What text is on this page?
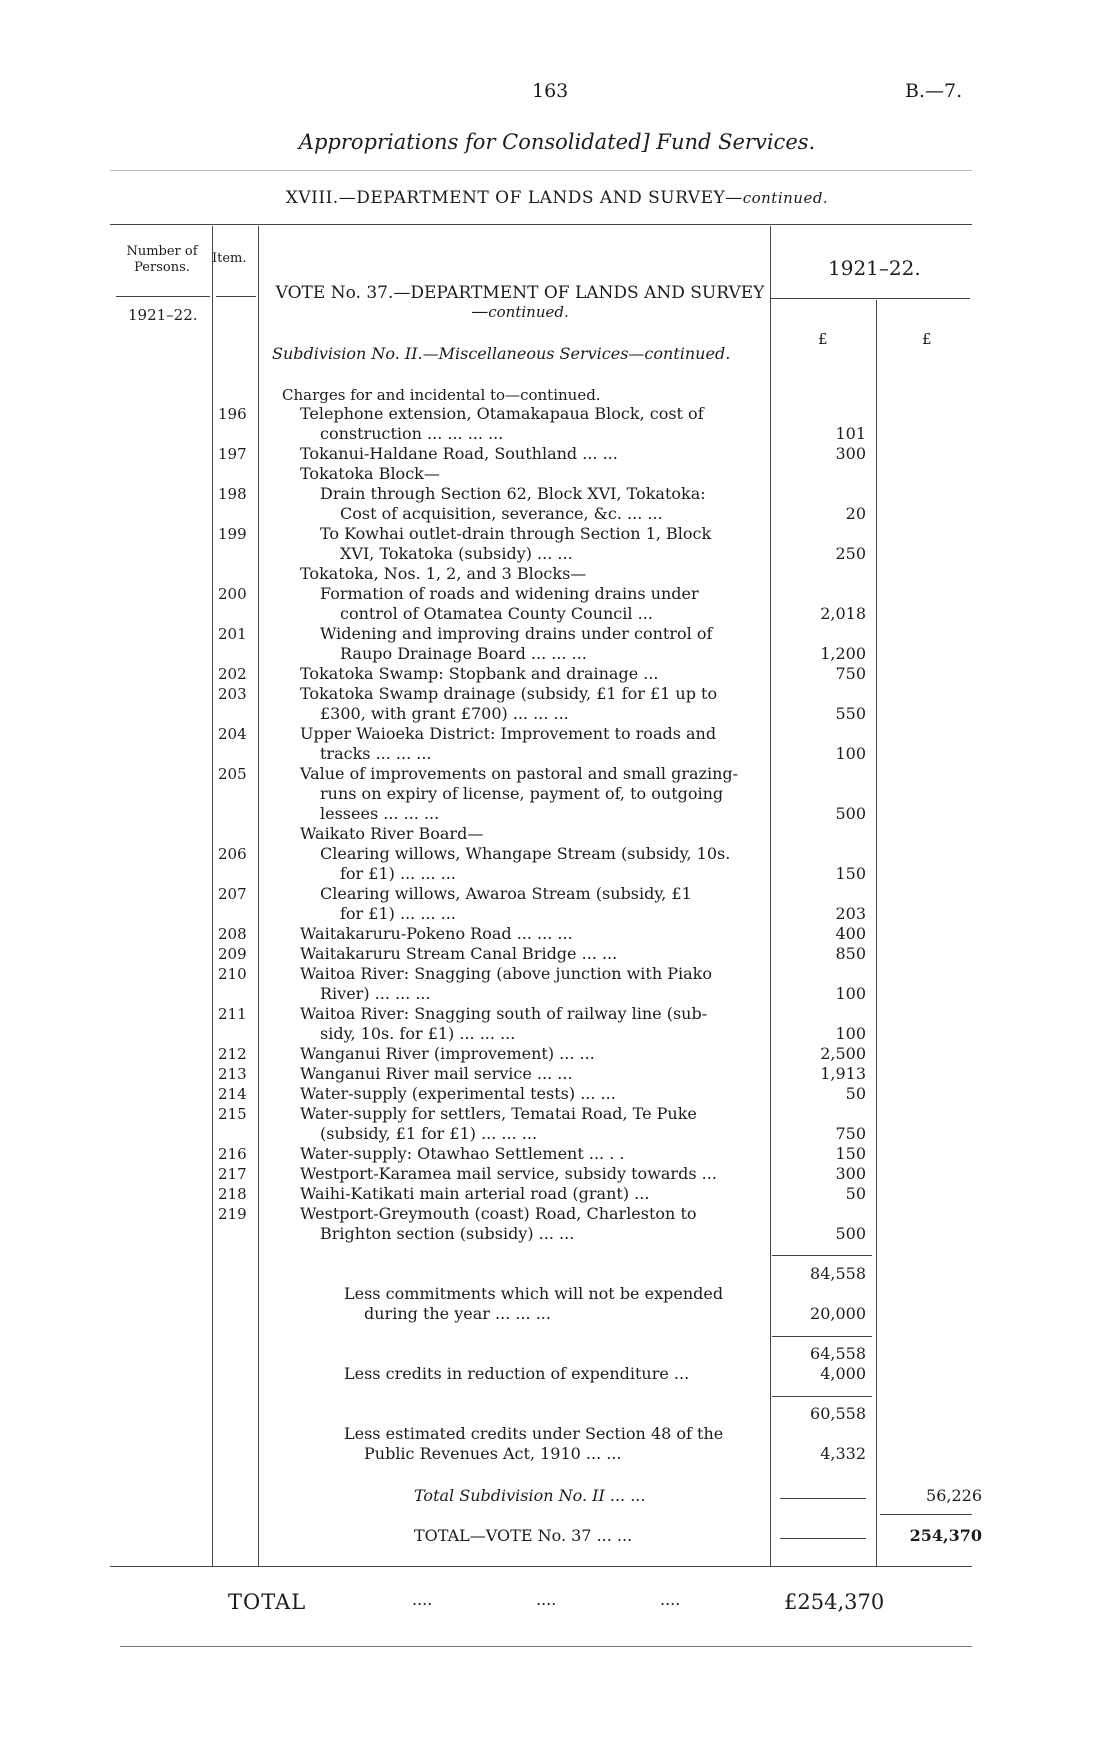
163	B.—7.
Appropriations for Consolidated] Fund Services.
XVIII.—DEPARTMENT OF LANDS AND SURVEY—continued.
Number of Persons.
Item.	1921–22.
1921–22.
£	£
VOTE No. 37.—DEPARTMENT OF LANDS AND SURVEY—continued.
Subdivision No. II.—Miscellaneous Services—continued.
Charges for and incidental to—continued.
196	Telephone extension, Otamakapaua Block, cost of
construction ... ... ... ...	101
197	Tokanui-Haldane Road, Southland ... ...	300
Tokatoka Block—
198	Drain through Section 62, Block XVI, Tokatoka:
Cost of acquisition, severance, &c. ... ...	20
199	To Kowhai outlet-drain through Section 1, Block
XVI, Tokatoka (subsidy) ... ...	250
Tokatoka, Nos. 1, 2, and 3 Blocks—
200	Formation of roads and widening drains under
control of Otamatea County Council ...	2,018
201	Widening and improving drains under control of
Raupo Drainage Board ... ... ...	1,200
202	Tokatoka Swamp: Stopbank and drainage ...	750
203	Tokatoka Swamp drainage (subsidy, £1 for £1 up to
£300, with grant £700) ... ... ...	550
204	Upper Waioeka District: Improvement to roads and
tracks ... ... ...	100
205	Value of improvements on pastoral and small grazing-
runs on expiry of license, payment of, to outgoing
lessees ... ... ...	500
Waikato River Board—
206	Clearing willows, Whangape Stream (subsidy, 10s.
for £1) ... ... ...	150
207	Clearing willows, Awaroa Stream (subsidy, £1
for £1) ... ... ...	203
208	Waitakaruru-Pokeno Road ... ... ...	400
209	Waitakaruru Stream Canal Bridge ... ...	850
210	Waitoa River: Snagging (above junction with Piako
River) ... ... ...	100
211	Waitoa River: Snagging south of railway line (sub-
sidy, 10s. for £1) ... ... ...	100
212	Wanganui River (improvement) ... ...	2,500
213	Wanganui River mail service ... ...	1,913
214	Water-supply (experimental tests) ... ...	50
215	Water-supply for settlers, Tematai Road, Te Puke
(subsidy, £1 for £1) ... ... ...	750
216	Water-supply: Otawhao Settlement ... . .	150
217	Westport-Karamea mail service, subsidy towards ...	300
218	Waihi-Katikati main arterial road (grant) ...	50
219	Westport-Greymouth (coast) Road, Charleston to
Brighton section (subsidy) ... ...	500
84,558
Less commitments which will not be expended
during the year ... ... ...	20,000
64,558
Less credits in reduction of expenditure ...	4,000
60,558
Less estimated credits under Section 48 of the
Public Revenues Act, 1910 ... ...	4,332
Total Subdivision No. II ... ...	56,226
TOTAL—VOTE No. 37 ... ...	254,370
TOTAL	....	....	....	£254,370
